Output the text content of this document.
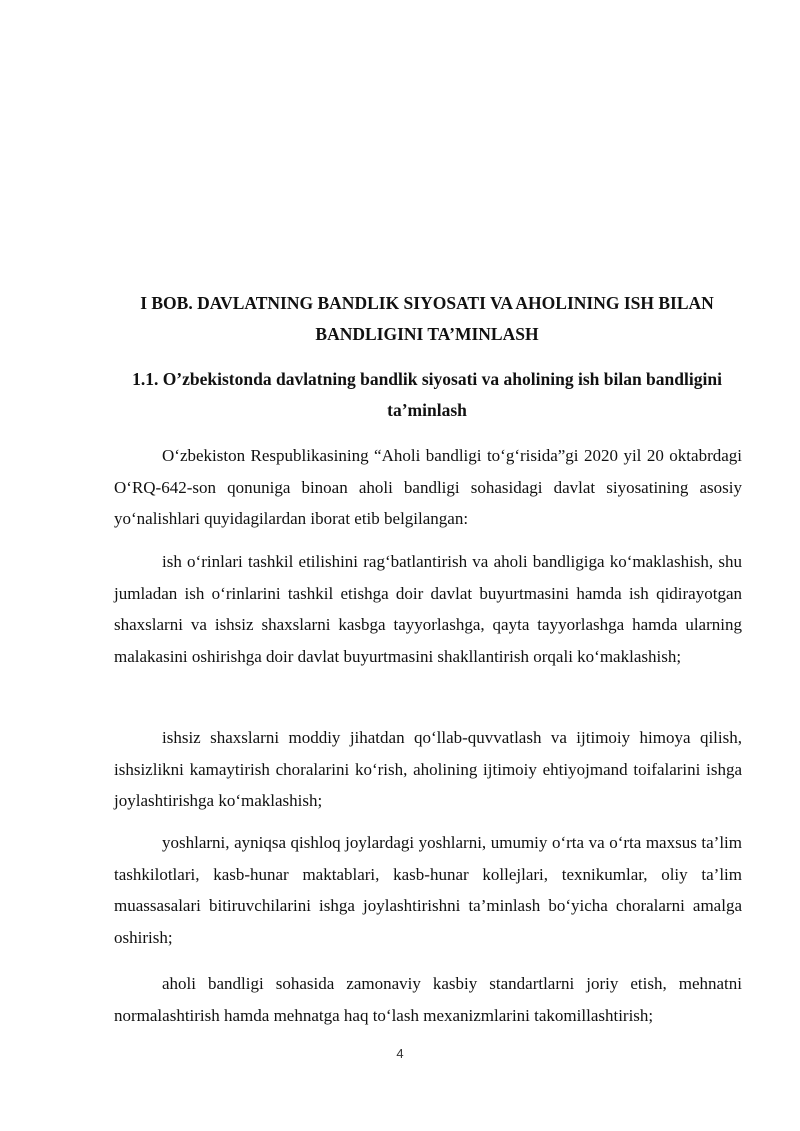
I BOB. DAVLATNING BANDLIK SIYOSATI VA AHOLINING ISH BILAN BANDLIGINI TA’MINLASH
1.1. O’zbekistonda davlatning bandlik siyosati va aholining ish bilan bandligini ta’minlash

O‘zbekiston Respublikasining “Aholi bandligi to‘g‘risida”gi 2020 yil 20 oktabrdagi O‘RQ-642-son qonuniga binoan aholi bandligi sohasidagi davlat siyosatining asosiy yo‘nalishlari quyidagilardan iborat etib belgilangan:

ish o‘rinlari tashkil etilishini rag‘batlantirish va aholi bandligiga ko‘maklashish, shu jumladan ish o‘rinlarini tashkil etishga doir davlat buyurtmasini hamda ish qidirayotgan shaxslarni va ishsiz shaxslarni kasbga tayyorlashga, qayta tayyorlashga hamda ularning malakasini oshirishga doir davlat buyurtmasini shakllantirish orqali ko‘maklashish;

ishsiz shaxslarni moddiy jihatdan qo‘llab-quvvatlash va ijtimoiy himoya qilish, ishsizlikni kamaytirish choralarini ko‘rish, aholining ijtimoiy ehtiyojmand toifalarini ishga joylashtirishga ko‘maklashish;

yoshlarni, ayniqsa qishloq joylardagi yoshlarni, umumiy o‘rta va o‘rta maxsus ta’lim tashkilotlari, kasb-hunar maktablari, kasb-hunar kollejlari, texnikumlar, oliy ta’lim muassasalari bitiruvchilarini ishga joylashtirishni ta’minlash bo‘yicha choralarni amalga oshirish;

aholi bandligi sohasida zamonaviy kasbiy standartlarni joriy etish, mehnatni normalashtirish hamda mehnatga haq to‘lash mexanizmlarini takomillashtirish;

4
